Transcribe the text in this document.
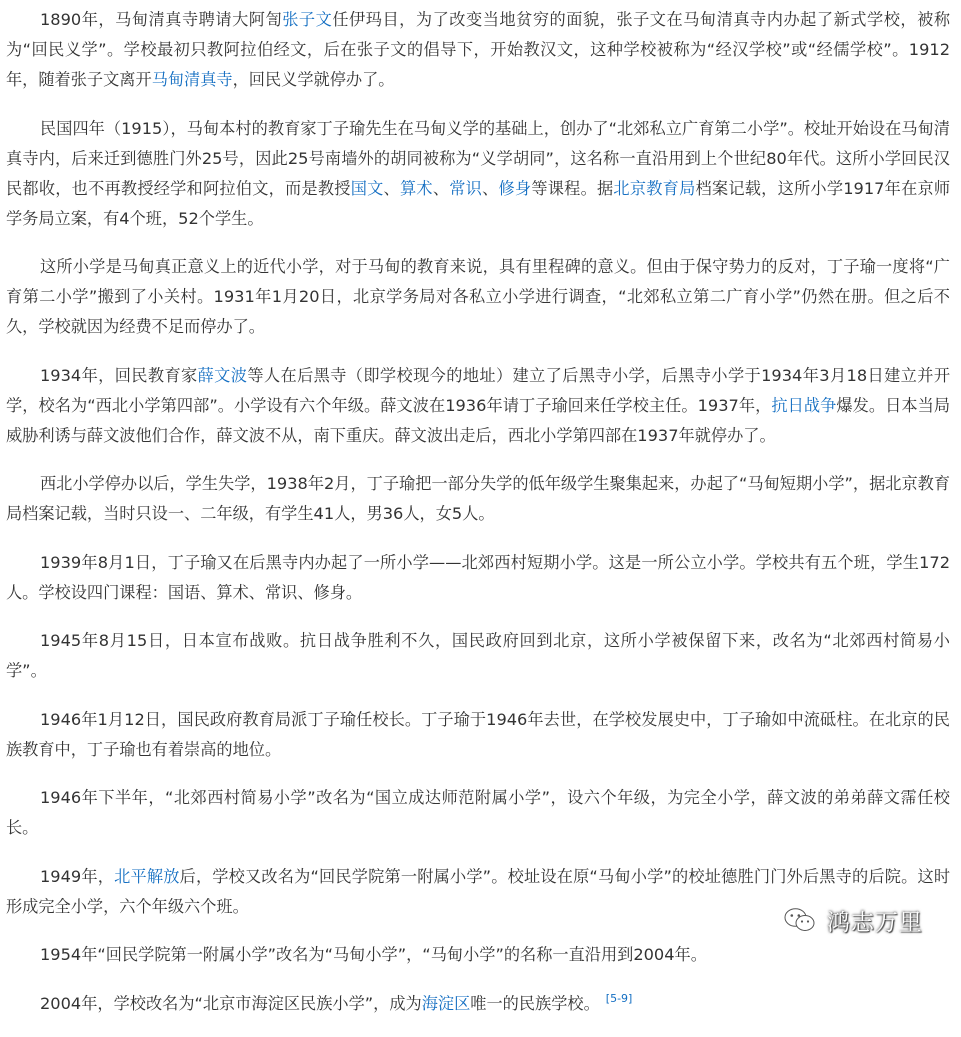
1890年，马甸清真寺聘请大阿訇张子文任伊玛目，为了改变当地贫穷的面貌，张子文在马甸清真寺内办起了新式学校，被称为“回民义学”。学校最初只教阿拉伯经文，后在张子文的倡导下，开始教汉文，这种学校被称为“经汉学校”或“经儒学校”。1912年，随着张子文离开马甸清真寺，回民义学就停办了。

民国四年（1915），马甸本村的教育家丁子瑜先生在马甸义学的基础上，创办了“北郊私立广育第二小学”。校址开始设在马甸清真寺内，后来迁到德胜门外25号，因此25号南墙外的胡同被称为“义学胡同”，这名称一直沿用到上个世纪80年代。这所小学回民汉民都收，也不再教授经学和阿拉伯文，而是教授国文、算术、常识、修身等课程。据北京教育局档案记载，这所小学1917年在京师学务局立案，有4个班，52个学生。

这所小学是马甸真正意义上的近代小学，对于马甸的教育来说，具有里程碑的意义。但由于保守势力的反对，丁子瑜一度将“广育第二小学”搬到了小关村。1931年1月20日，北京学务局对各私立小学进行调查，“北郊私立第二广育小学”仍然在册。但之后不久，学校就因为经费不足而停办了。

1934年，回民教育家薛文波等人在后黑寺（即学校现今的地址）建立了后黑寺小学，后黑寺小学于1934年3月18日建立并开学，校名为“西北小学第四部”。小学设有六个年级。薛文波在1936年请丁子瑜回来任学校主任。1937年，抗日战争爆发。日本当局威胁利诱与薛文波他们合作，薛文波不从，南下重庆。薛文波出走后，西北小学第四部在1937年就停办了。

西北小学停办以后，学生失学，1938年2月，丁子瑜把一部分失学的低年级学生聚集起来，办起了“马甸短期小学”，据北京教育局档案记载，当时只设一、二年级，有学生41人，男36人，女5人。

1939年8月1日，丁子瑜又在后黑寺内办起了一所小学——北郊西村短期小学。这是一所公立小学。学校共有五个班，学生172人。学校设四门课程：国语、算术、常识、修身。

1945年8月15日，日本宣布战败。抗日战争胜利不久，国民政府回到北京，这所小学被保留下来，改名为“北郊西村简易小学”。

1946年1月12日，国民政府教育局派丁子瑜任校长。丁子瑜于1946年去世，在学校发展史中，丁子瑜如中流砥柱。在北京的民族教育中，丁子瑜也有着崇高的地位。

1946年下半年，“北郊西村简易小学”改名为“国立成达师范附属小学”，设六个年级，为完全小学，薛文波的弟弟薛文霈任校长。

1949年，北平解放后，学校又改名为“回民学院第一附属小学”。校址设在原“马甸小学”的校址德胜门门外后黑寺的后院。这时形成完全小学，六个年级六个班。

1954年“回民学院第一附属小学”改名为“马甸小学”，“马甸小学”的名称一直沿用到2004年。

2004年，学校改名为“北京市海淀区民族小学”，成为海淀区唯一的民族学校。 [5-9]

鸿志万里
